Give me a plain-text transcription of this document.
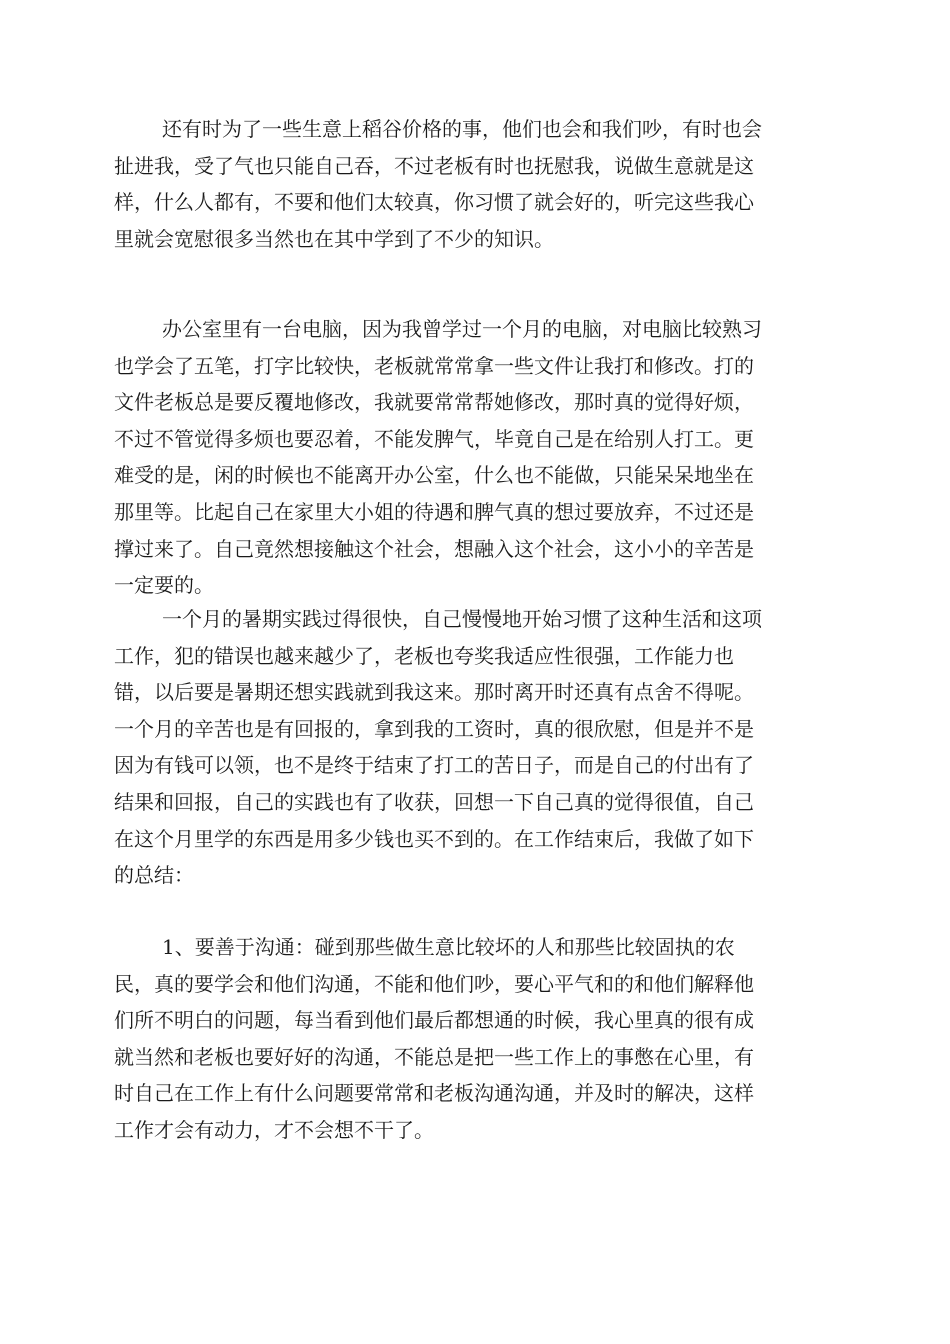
还有时为了一些生意上稻谷价格的事，他们也会和我们吵，有时也会
扯进我，受了气也只能自己吞，不过老板有时也抚慰我，说做生意就是这
样，什么人都有，不要和他们太较真，你习惯了就会好的，听完这些我心
里就会宽慰很多当然也在其中学到了不少的知识。
办公室里有一台电脑，因为我曾学过一个月的电脑，对电脑比较熟习
也学会了五笔，打字比较快，老板就常常拿一些文件让我打和修改。打的
文件老板总是要反覆地修改，我就要常常帮她修改，那时真的觉得好烦，
不过不管觉得多烦也要忍着，不能发脾气，毕竟自己是在给别人打工。更
难受的是，闲的时候也不能离开办公室，什么也不能做，只能呆呆地坐在
那里等。比起自己在家里大小姐的待遇和脾气真的想过要放弃，不过还是
撑过来了。自己竟然想接触这个社会，想融入这个社会，这小小的辛苦是
一定要的。
一个月的暑期实践过得很快，自己慢慢地开始习惯了这种生活和这项
工作，犯的错误也越来越少了，老板也夸奖我适应性很强，工作能力也
错，以后要是暑期还想实践就到我这来。那时离开时还真有点舍不得呢。
一个月的辛苦也是有回报的，拿到我的工资时，真的很欣慰，但是并不是
因为有钱可以领，也不是终于结束了打工的苦日子，而是自己的付出有了
结果和回报，自己的实践也有了收获，回想一下自己真的觉得很值，自己
在这个月里学的东西是用多少钱也买不到的。在工作结束后，我做了如下
的总结：
1、要善于沟通：碰到那些做生意比较坏的人和那些比较固执的农
民，真的要学会和他们沟通，不能和他们吵，要心平气和的和他们解释他
们所不明白的问题，每当看到他们最后都想通的时候，我心里真的很有成
就当然和老板也要好好的沟通，不能总是把一些工作上的事憋在心里，有
时自己在工作上有什么问题要常常和老板沟通沟通，并及时的解决，这样
工作才会有动力，才不会想不干了。
